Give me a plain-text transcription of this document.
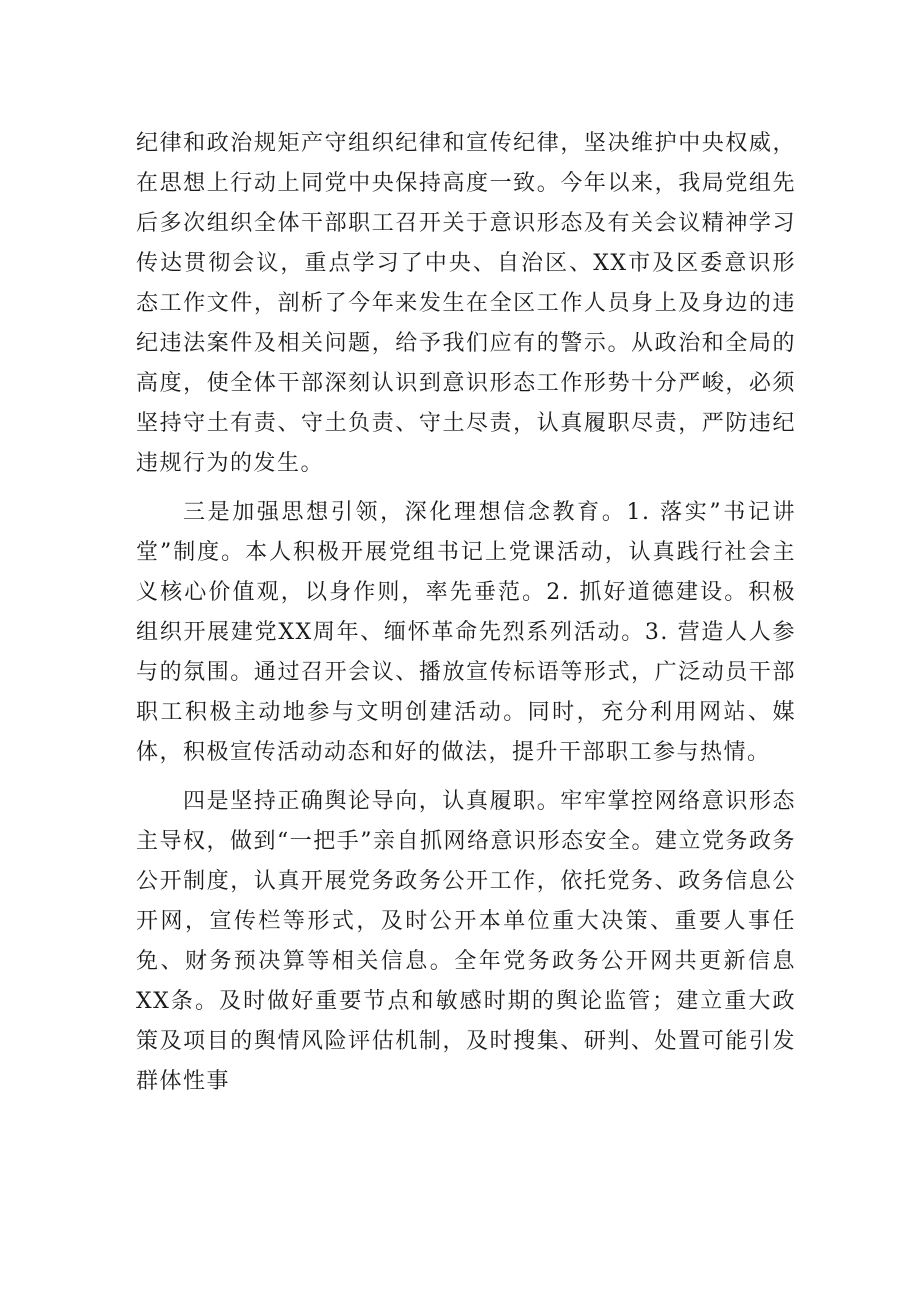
纪律和政治规矩产守组织纪律和宣传纪律，坚决维护中央权威，在思想上行动上同党中央保持高度一致。今年以来，我局党组先后多次组织全体干部职工召开关于意识形态及有关会议精神学习传达贯彻会议，重点学习了中央、自治区、XX市及区委意识形态工作文件，剖析了今年来发生在全区工作人员身上及身边的违纪违法案件及相关问题，给予我们应有的警示。从政治和全局的高度，使全体干部深刻认识到意识形态工作形势十分严峻，必须坚持守土有责、守土负责、守土尽责，认真履职尽责，严防违纪违规行为的发生。

三是加强思想引领，深化理想信念教育。1. 落实”书记讲堂”制度。本人积极开展党组书记上党课活动，认真践行社会主义核心价值观，以身作则，率先垂范。2. 抓好道德建设。积极组织开展建党XX周年、缅怀革命先烈系列活动。3. 营造人人参与的氛围。通过召开会议、播放宣传标语等形式，广泛动员干部职工积极主动地参与文明创建活动。同时，充分利用网站、媒体，积极宣传活动动态和好的做法，提升干部职工参与热情。

四是坚持正确舆论导向，认真履职。牢牢掌控网络意识形态主导权，做到“一把手”亲自抓网络意识形态安全。建立党务政务公开制度，认真开展党务政务公开工作，依托党务、政务信息公开网，宣传栏等形式，及时公开本单位重大决策、重要人事任免、财务预决算等相关信息。全年党务政务公开网共更新信息XX条。及时做好重要节点和敏感时期的舆论监管；建立重大政策及项目的舆情风险评估机制，及时搜集、研判、处置可能引发群体性事
